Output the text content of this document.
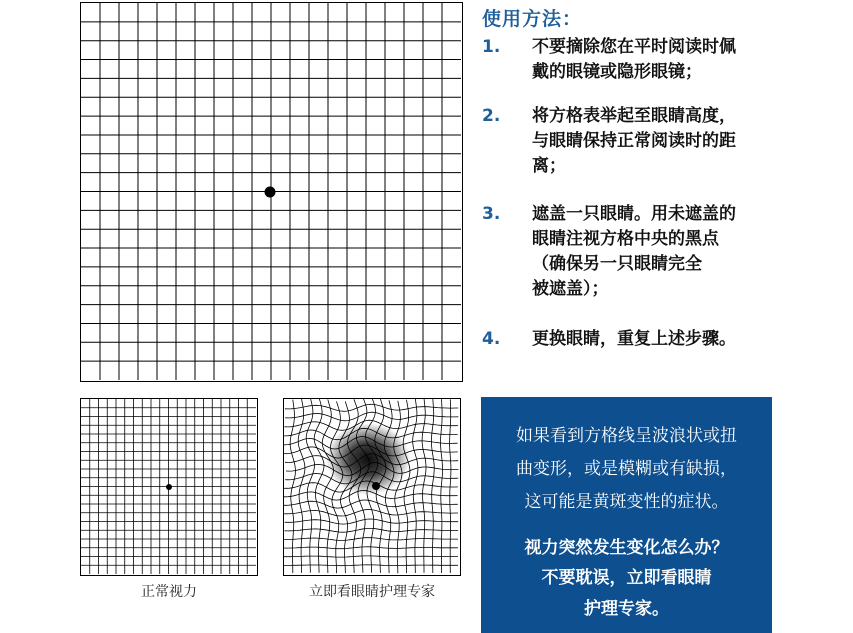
正常视力	立即看眼睛护理专家
使用方法：
1. 不要摘除您在平时阅读时佩
戴的眼镜或隐形眼镜；
2. 将方格表举起至眼睛高度，
与眼睛保持正常阅读时的距
离；
3. 遮盖一只眼睛。用未遮盖的
眼睛注视方格中央的黑点
（确保另一只眼睛完全
被遮盖）；
4. 更换眼睛，重复上述步骤。
如果看到方格线呈波浪状或扭
曲变形，或是模糊或有缺损，
这可能是黄斑变性的症状。
视力突然发生变化怎么办？
不要耽误，立即看眼睛
护理专家。
